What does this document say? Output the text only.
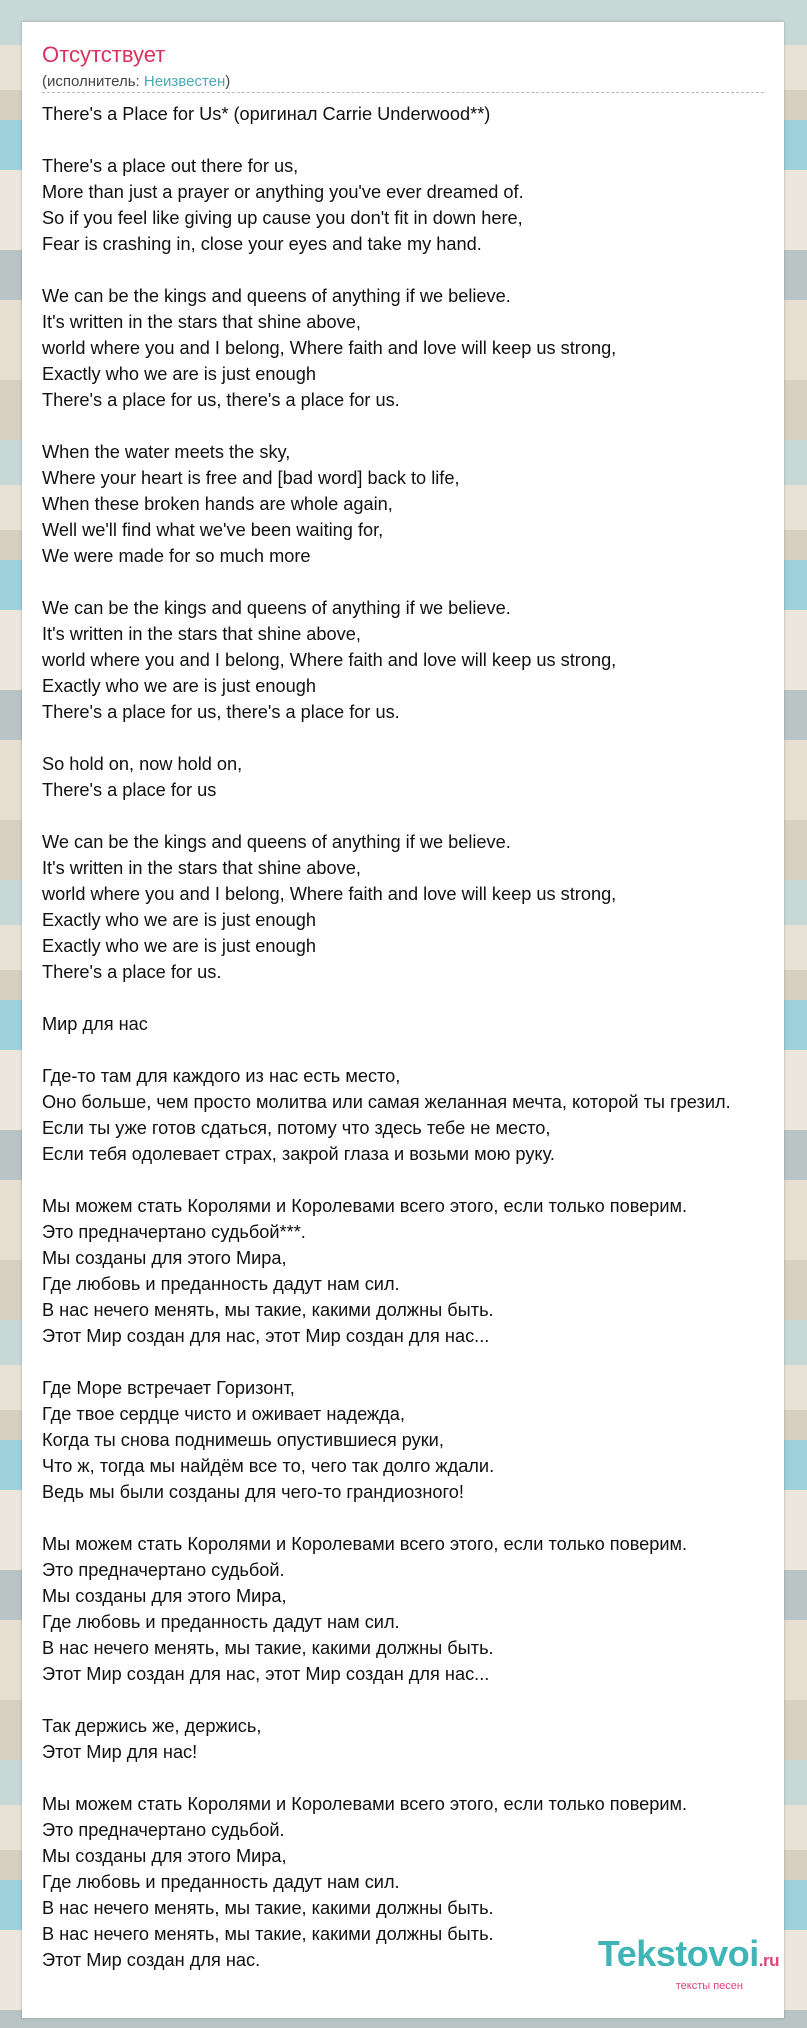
Отсутствует
(исполнитель: Неизвестен)
There's a Place for Us* (оригинал Carrie Underwood**)

There's a place out there for us,
More than just a prayer or anything you've ever dreamed of.
So if you feel like giving up cause you don't fit in down here,
Fear is crashing in, close your eyes and take my hand.

We can be the kings and queens of anything if we believe.
It's written in the stars that shine above,
world where you and I belong, Where faith and love will keep us strong,
Exactly who we are is just enough
There's a place for us, there's a place for us.

When the water meets the sky,
Where your heart is free and [bad word] back to life,
When these broken hands are whole again,
Well we'll find what we've been waiting for,
We were made for so much more

We can be the kings and queens of anything if we believe.
It's written in the stars that shine above,
world where you and I belong, Where faith and love will keep us strong,
Exactly who we are is just enough
There's a place for us, there's a place for us.

So hold on, now hold on,
There's a place for us

We can be the kings and queens of anything if we believe.
It's written in the stars that shine above,
world where you and I belong, Where faith and love will keep us strong,
Exactly who we are is just enough
Exactly who we are is just enough
There's a place for us.

Мир для нас

Где-то там для каждого из нас есть место,
Оно больше, чем просто молитва или самая желанная мечта, которой ты грезил.
Если ты уже готов сдаться, потому что здесь тебе не место,
Если тебя одолевает страх, закрой глаза и возьми мою руку.

Мы можем стать Королями и Королевами всего этого, если только поверим.
Это предначертано судьбой***.
Мы созданы для этого Мира,
Где любовь и преданность дадут нам сил.
В нас нечего менять, мы такие, какими должны быть.
Этот Мир создан для нас, этот Мир создан для нас...

Где Море встречает Горизонт,
Где твое сердце чисто и оживает надежда,
Когда ты снова поднимешь опустившиеся руки,
Что ж, тогда мы найдём все то, чего так долго ждали.
Ведь мы были созданы для чего-то грандиозного!

Мы можем стать Королями и Королевами всего этого, если только поверим.
Это предначертано судьбой.
Мы созданы для этого Мира,
Где любовь и преданность дадут нам сил.
В нас нечего менять, мы такие, какими должны быть.
Этот Мир создан для нас, этот Мир создан для нас...

Так держись же, держись,
Этот Мир для нас!

Мы можем стать Королями и Королевами всего этого, если только поверим.
Это предначертано судьбой.
Мы созданы для этого Мира,
Где любовь и преданность дадут нам сил.
В нас нечего менять, мы такие, какими должны быть.
В нас нечего менять, мы такие, какими должны быть.
Этот Мир создан для нас.	Tekstovoi.ru
тексты песен
